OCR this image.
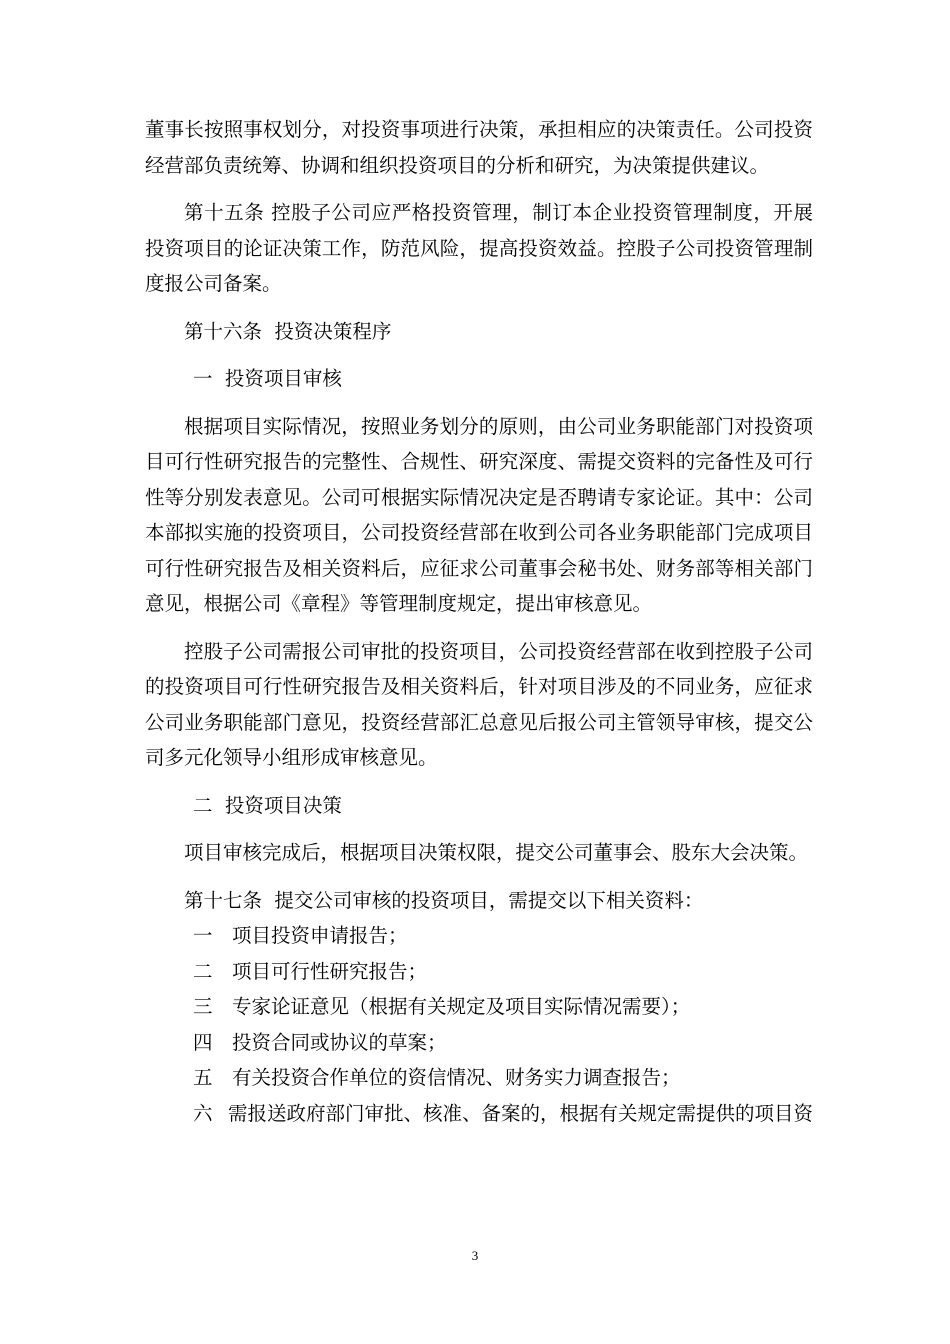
董事长按照事权划分，对投资事项进行决策，承担相应的决策责任。公司投资经营部负责统筹、协调和组织投资项目的分析和研究，为决策提供建议。

第十五条 控股子公司应严格投资管理，制订本企业投资管理制度，开展投资项目的论证决策工作，防范风险，提高投资效益。控股子公司投资管理制度报公司备案。

第十六条  投资决策程序

一  投资项目审核

根据项目实际情况，按照业务划分的原则，由公司业务职能部门对投资项目可行性研究报告的完整性、合规性、研究深度、需提交资料的完备性及可行性等分别发表意见。公司可根据实际情况决定是否聘请专家论证。其中：公司本部拟实施的投资项目，公司投资经营部在收到公司各业务职能部门完成项目可行性研究报告及相关资料后，应征求公司董事会秘书处、财务部等相关部门意见，根据公司《章程》等管理制度规定，提出审核意见。

控股子公司需报公司审批的投资项目，公司投资经营部在收到控股子公司的投资项目可行性研究报告及相关资料后，针对项目涉及的不同业务，应征求公司业务职能部门意见，投资经营部汇总意见后报公司主管领导审核，提交公司多元化领导小组形成审核意见。

二  投资项目决策

项目审核完成后，根据项目决策权限，提交公司董事会、股东大会决策。

第十七条  提交公司审核的投资项目，需提交以下相关资料：

一 项目投资申请报告；
二 项目可行性研究报告；
三 专家论证意见（根据有关规定及项目实际情况需要）；
四 投资合同或协议的草案；
五 有关投资合作单位的资信情况、财务实力调查报告；
六 需报送政府部门审批、核准、备案的，根据有关规定需提供的项目资
3
